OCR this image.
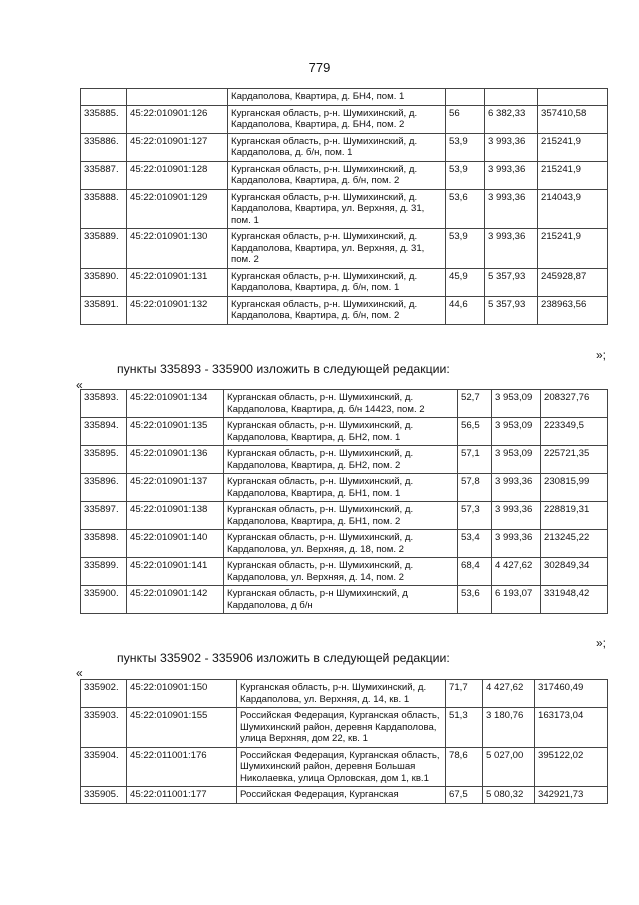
779
		Кардаполова, Квартира, д. БН4, пом. 1			
335885.	45:22:010901:126	Курганская область, р-н. Шумихинский, д. Кардаполова, Квартира, д. БН4, пом. 2	56	6 382,33	357410,58
335886.	45:22:010901:127	Курганская область, р-н. Шумихинский, д. Кардаполова, д. б/н, пом. 1	53,9	3 993,36	215241,9
335887.	45:22:010901:128	Курганская область, р-н. Шумихинский, д. Кардаполова, Квартира, д. б/н, пом. 2	53,9	3 993,36	215241,9
335888.	45:22:010901:129	Курганская область, р-н. Шумихинский, д. Кардаполова, Квартира, ул. Верхняя, д. 31, пом. 1	53,6	3 993,36	214043,9
335889.	45:22:010901:130	Курганская область, р-н. Шумихинский, д. Кардаполова, Квартира, ул. Верхняя, д. 31, пом. 2	53,9	3 993,36	215241,9
335890.	45:22:010901:131	Курганская область, р-н. Шумихинский, д. Кардаполова, Квартира, д. б/н, пом. 1	45,9	5 357,93	245928,87
335891.	45:22:010901:132	Курганская область, р-н. Шумихинский, д. Кардаполова, Квартира, д. б/н, пом. 2	44,6	5 357,93	238963,56
»;
пункты 335893 - 335900 изложить в следующей редакции:
«
335893.	45:22:010901:134	Курганская область, р-н. Шумихинский, д. Кардаполова, Квартира, д. б/н 14423, пом. 2	52,7	3 953,09	208327,76
335894.	45:22:010901:135	Курганская область, р-н. Шумихинский, д. Кардаполова, Квартира, д. БН2, пом. 1	56,5	3 953,09	223349,5
335895.	45:22:010901:136	Курганская область, р-н. Шумихинский, д. Кардаполова, Квартира, д. БН2, пом. 2	57,1	3 953,09	225721,35
335896.	45:22:010901:137	Курганская область, р-н. Шумихинский, д. Кардаполова, Квартира, д. БН1, пом. 1	57,8	3 993,36	230815,99
335897.	45:22:010901:138	Курганская область, р-н. Шумихинский, д. Кардаполова, Квартира, д. БН1, пом. 2	57,3	3 993,36	228819,31
335898.	45:22:010901:140	Курганская область, р-н. Шумихинский, д. Кардаполова, ул. Верхняя, д. 18, пом. 2	53,4	3 993,36	213245,22
335899.	45:22:010901:141	Курганская область, р-н. Шумихинский, д. Кардаполова, ул. Верхняя, д. 14, пом. 2	68,4	4 427,62	302849,34
335900.	45:22:010901:142	Курганская область, р-н Шумихинский, д Кардаполова, д б/н	53,6	6 193,07	331948,42
»;
пункты 335902 - 335906 изложить в следующей редакции:
«
335902.	45:22:010901:150	Курганская область, р-н. Шумихинский, д. Кардаполова, ул. Верхняя, д. 14, кв. 1	71,7	4 427,62	317460,49
335903.	45:22:010901:155	Российская Федерация, Курганская область, Шумихинский район, деревня Кардаполова, улица Верхняя, дом 22, кв. 1	51,3	3 180,76	163173,04
335904.	45:22:011001:176	Российская Федерация, Курганская область, Шумихинский район, деревня Большая Николаевка, улица Орловская, дом 1, кв.1	78,6	5 027,00	395122,02
335905.	45:22:011001:177	Российская Федерация, Курганская	67,5	5 080,32	342921,73
